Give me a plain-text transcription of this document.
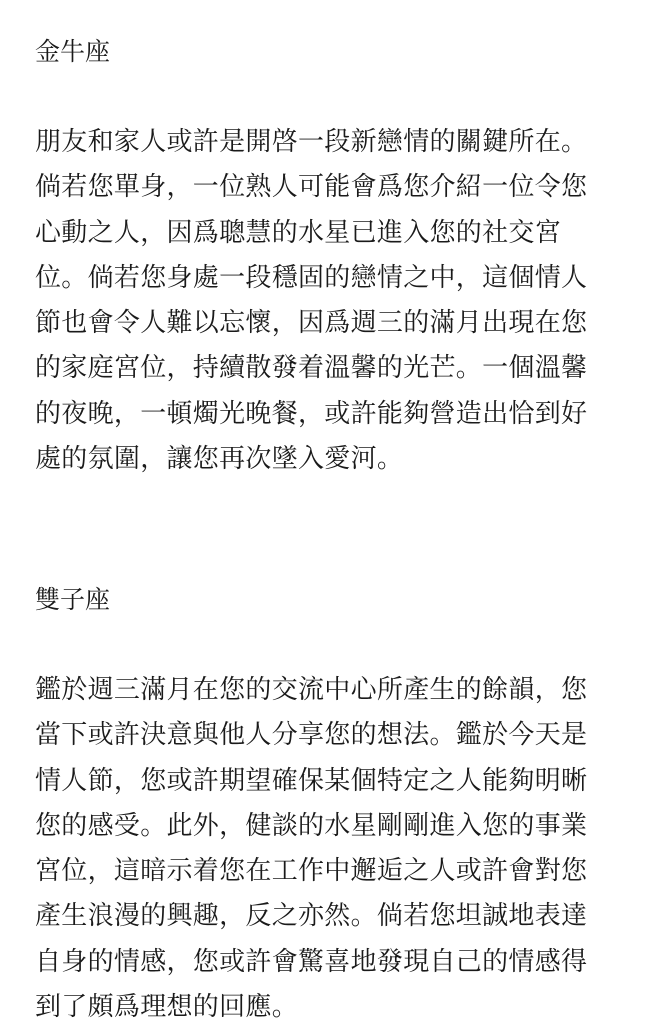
金牛座
朋友和家人或許是開啓一段新戀情的關鍵所在。
倘若您單身，一位熟人可能會爲您介紹一位令您
心動之人，因爲聰慧的水星已進入您的社交宮
位。倘若您身處一段穩固的戀情之中，這個情人
節也會令人難以忘懷，因爲週三的滿月出現在您
的家庭宮位，持續散發着溫馨的光芒。一個溫馨
的夜晚，一頓燭光晚餐，或許能夠營造出恰到好
處的氛圍，讓您再次墜入愛河。
雙子座
鑑於週三滿月在您的交流中心所產生的餘韻，您
當下或許決意與他人分享您的想法。鑑於今天是
情人節，您或許期望確保某個特定之人能夠明晰
您的感受。此外，健談的水星剛剛進入您的事業
宮位，這暗示着您在工作中邂逅之人或許會對您
產生浪漫的興趣，反之亦然。倘若您坦誠地表達
自身的情感，您或許會驚喜地發現自己的情感得
到了頗爲理想的回應。
